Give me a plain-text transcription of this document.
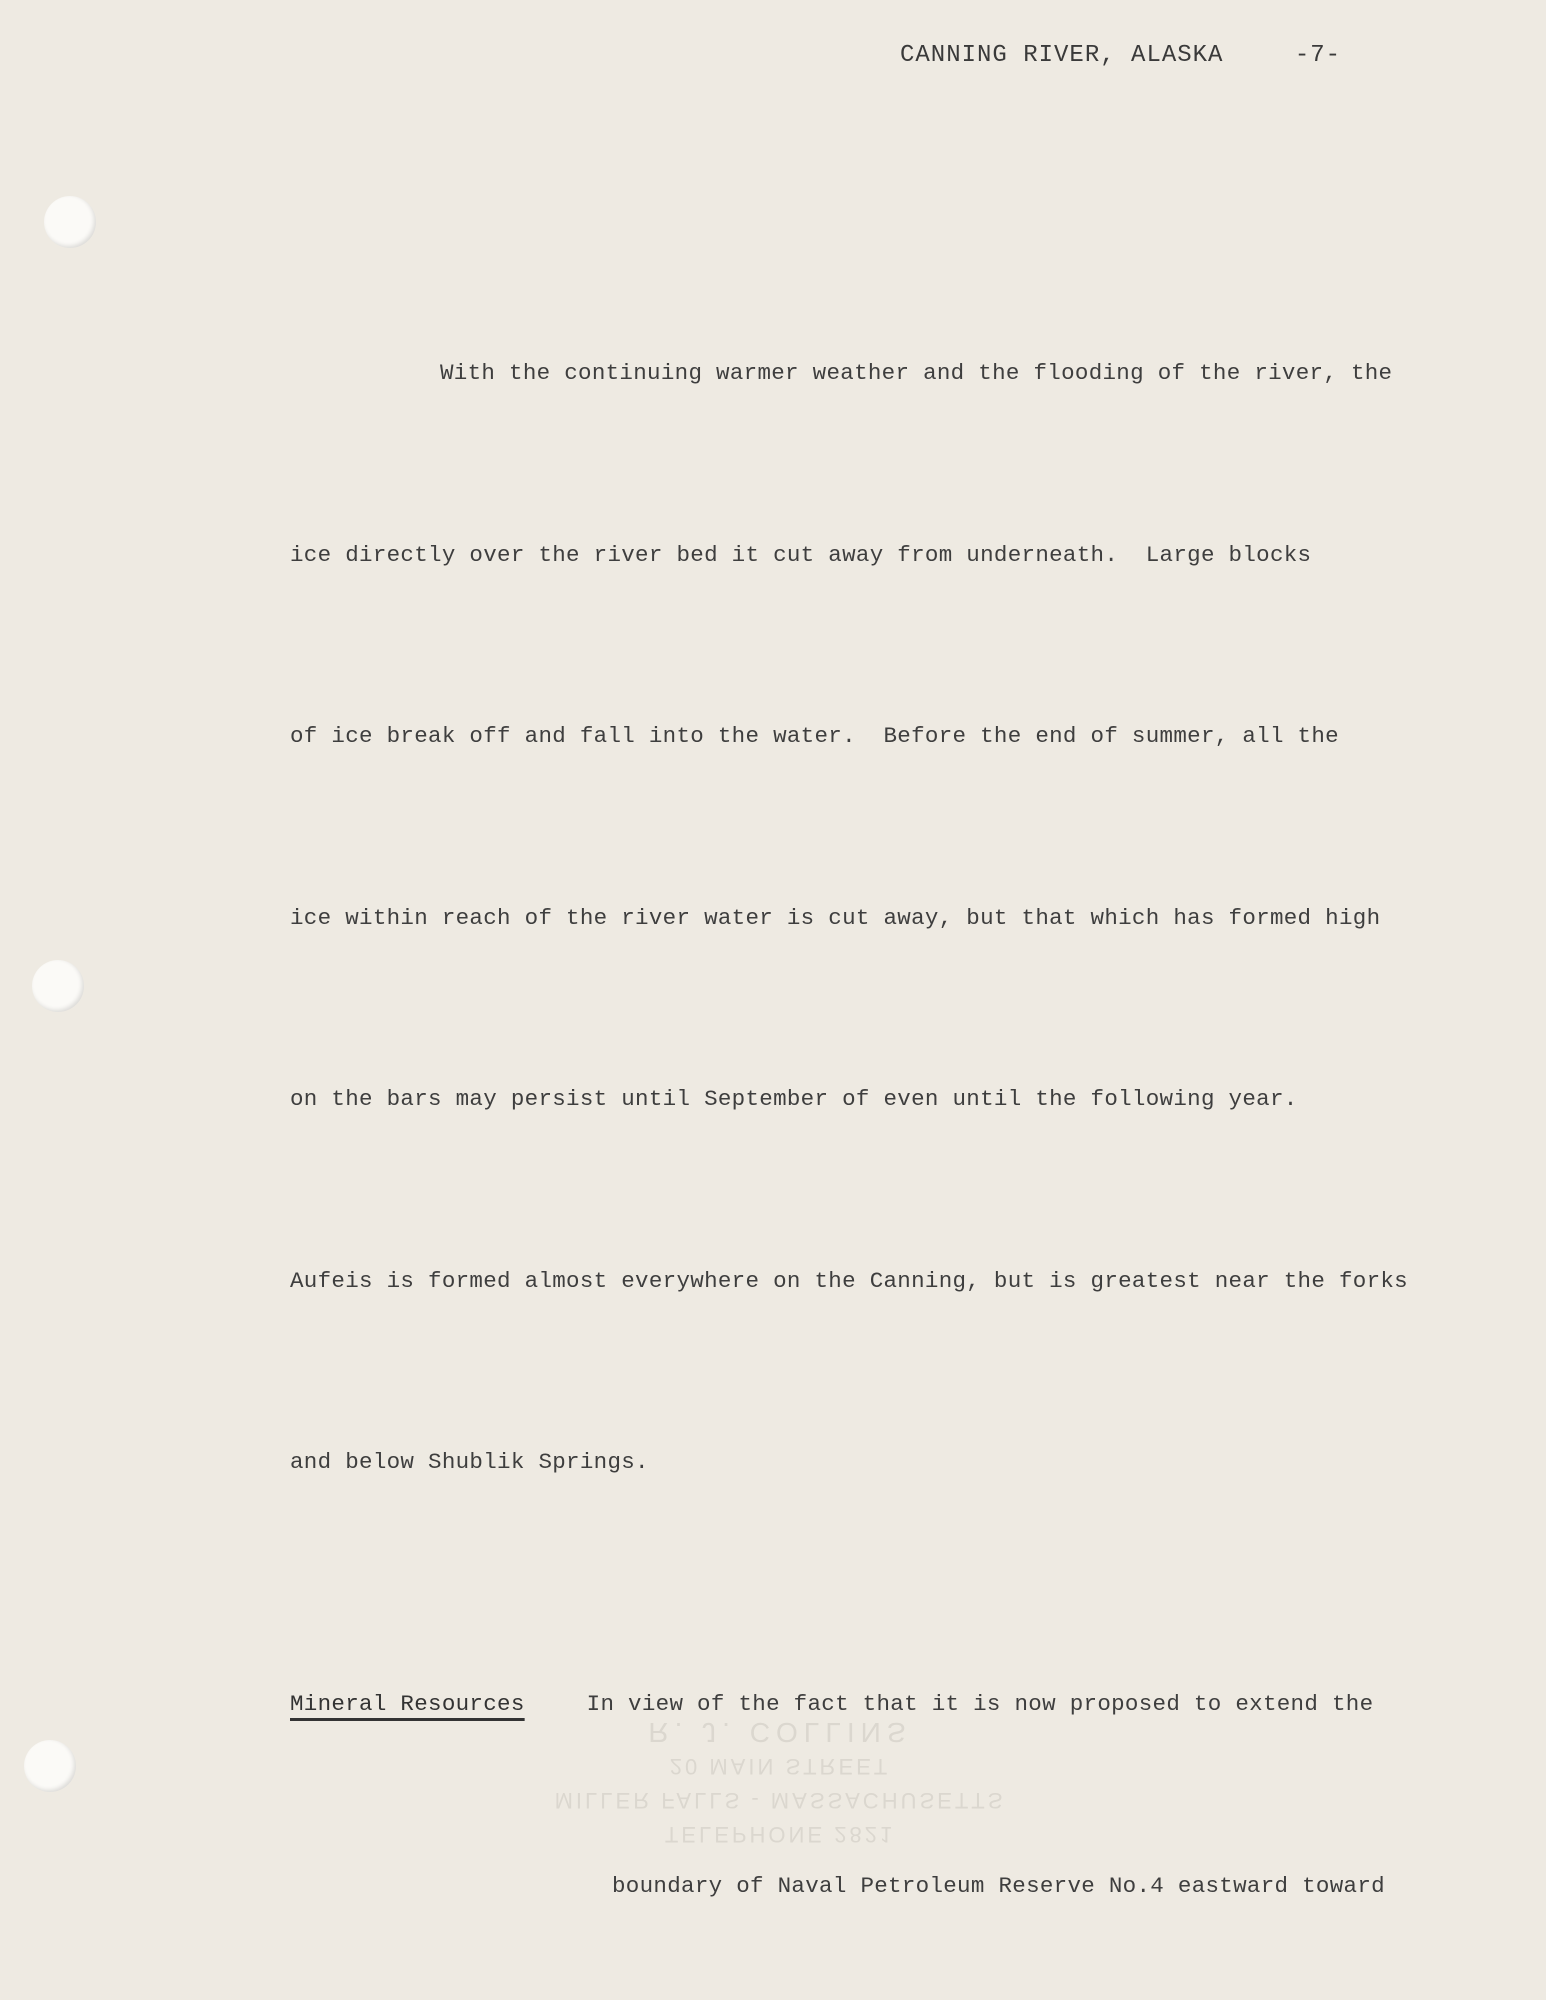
CANNING RIVER, ALASKA	-7-

With the continuing warmer weather and the flooding of the river, the

ice directly over the river bed it cut away from underneath.  Large blocks

of ice break off and fall into the water.  Before the end of summer, all the

ice within reach of the river water is cut away, but that which has formed high

on the bars may persist until September of even until the following year.

Aufeis is formed almost everywhere on the Canning, but is greatest near the forks

and below Shublik Springs.

Mineral Resources	In view of the fact that it is now proposed to extend the

boundary of Naval Petroleum Reserve No.4 eastward toward

TELEPHONE 2821
MILLER FALLS - MASSACHUSETTS
20 MAIN STREET
R. J. COLLINS
